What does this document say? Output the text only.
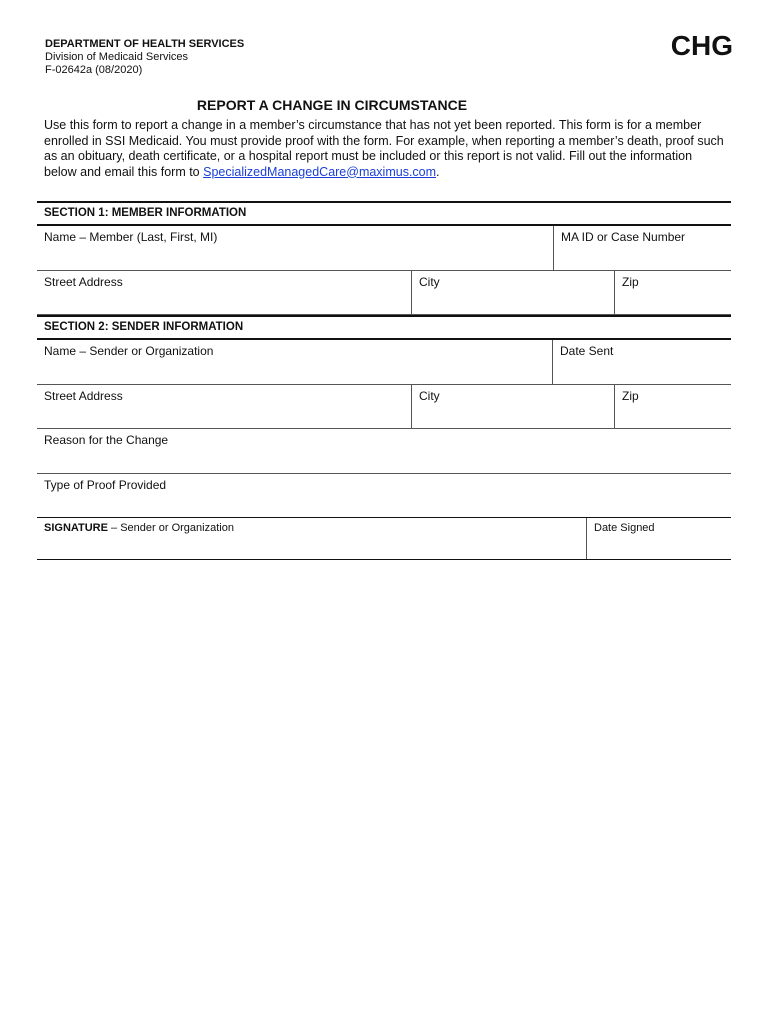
DEPARTMENT OF HEALTH SERVICES
Division of Medicaid Services
F-02642a (08/2020)
CHG
REPORT A CHANGE IN CIRCUMSTANCE
Use this form to report a change in a member’s circumstance that has not yet been reported. This form is for a member enrolled in SSI Medicaid. You must provide proof with the form. For example, when reporting a member’s death, proof such as an obituary, death certificate, or a hospital report must be included or this report is not valid. Fill out the information below and email this form to SpecializedManagedCare@maximus.com.
SECTION 1: MEMBER INFORMATION
Name – Member (Last, First, MI)	MA ID or Case Number
Street Address	City	Zip
SECTION 2: SENDER INFORMATION
Name – Sender or Organization	Date Sent
Street Address	City	Zip
Reason for the Change
Type of Proof Provided
SIGNATURE – Sender or Organization	Date Signed
